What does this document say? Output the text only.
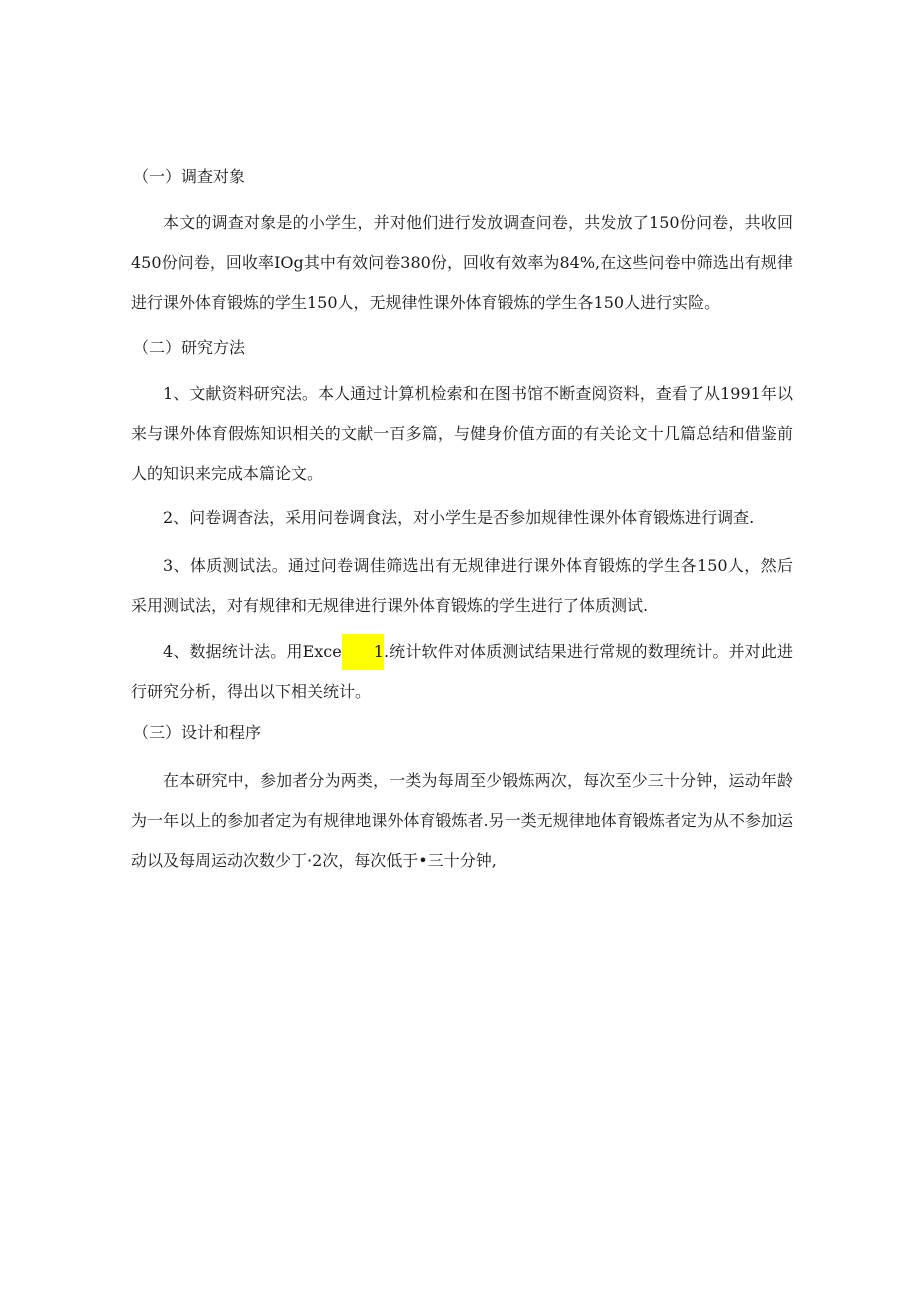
（一）调查对象
本文的调查对象是的小学生，并对他们进行发放调查问卷，共发放了150份问卷，共收回450份问卷，回收率IOg其中有效问卷380份，回收有效率为84%,在这些问卷中筛选出有规律进行课外体育锻炼的学生150人，无规律性课外体育锻炼的学生各150人进行实险。
（二）研究方法
1、文献资料研究法。本人通过计算机检索和在图书馆不断查阅资料，查看了从1991年以来与课外体育假炼知识相关的文献一百多篇，与健身价值方面的有关论文十几篇总结和借鉴前人的知识来完成本篇论文。
2、问卷调杳法，采用问卷调食法，对小学生是否参加规律性课外体育锻炼进行调查.
3、体质测试法。通过问卷调佳筛选出有无规律进行课外体育锻炼的学生各150人，然后采用测试法，对有规律和无规律进行课外体育锻炼的学生进行了体质测试.
4、数据统计法。用Exce 1.统计软件对体质测试结果进行常规的数理统计。并对此进行研究分析，得出以下相关统计。
（三）设计和程序
在本研究中，参加者分为两类，一类为每周至少锻炼两次，每次至少三十分钟，运动年龄为一年以上的参加者定为有规律地课外体育锻炼者.另一类无规律地体育锻炼者定为从不参加运动以及每周运动次数少丁·2次，每次低于•三十分钟,
